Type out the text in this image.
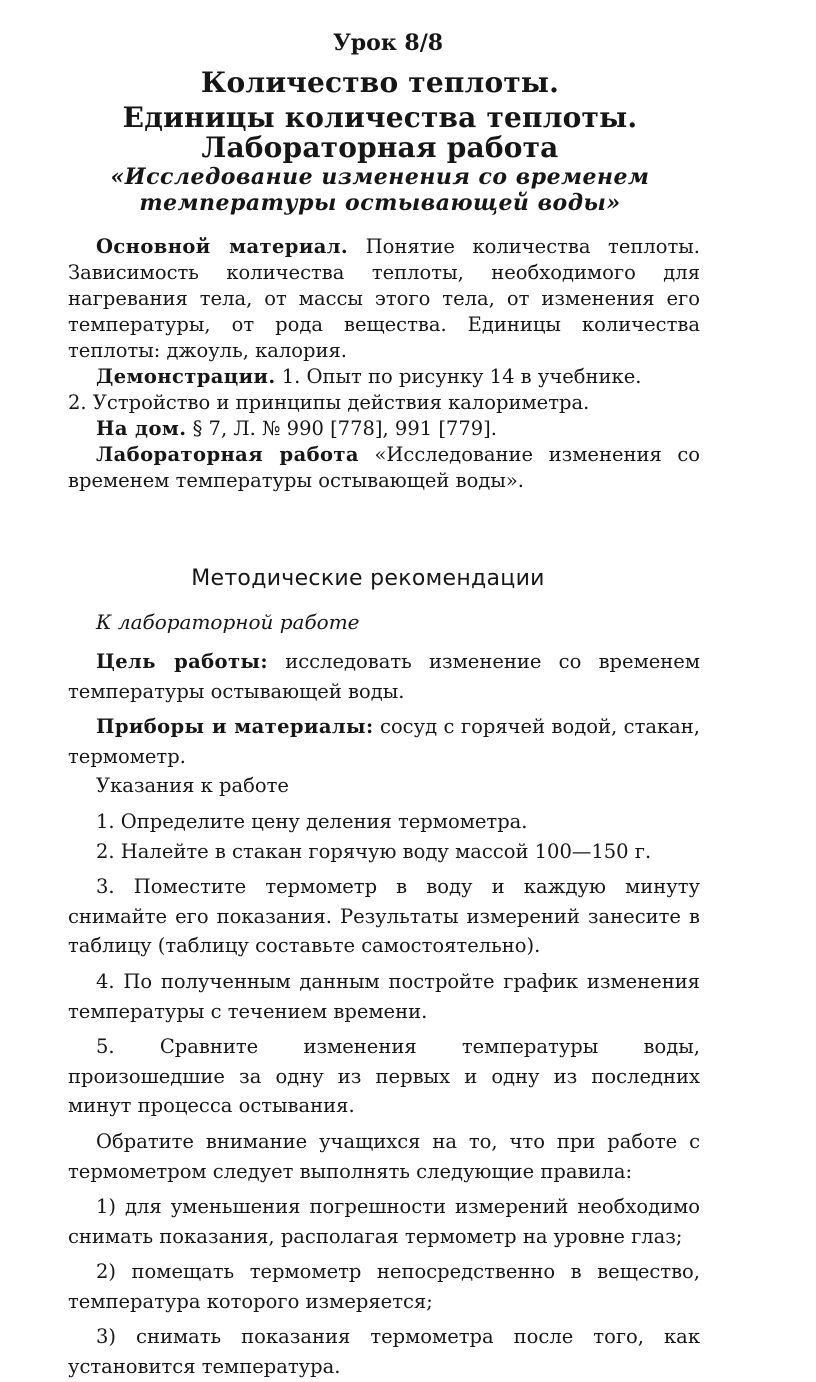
Урок 8/8
Количество теплоты.
Единицы количества теплоты.
Лабораторная работа
«Исследование изменения со временем
температуры остывающей воды»

Основной материал. Понятие количества теплоты. Зависимость количества теплоты, необходимого для нагревания тела, от массы этого тела, от изменения его температуры, от рода вещества. Единицы количества теплоты: джоуль, калория.

Демонстрации. 1. Опыт по рисунку 14 в учебнике.

2. Устройство и принципы действия калориметра.

На дом. § 7, Л. № 990 [778], 991 [779].

Лабораторная работа «Исследование изменения со временем температуры остывающей воды».

Методические рекомендации
К лабораторной работе

Цель работы: исследовать изменение со временем температуры остывающей воды.

Приборы и материалы: сосуд с горячей водой, стакан, термометр.

Указания к работе

1. Определите цену деления термометра.

2. Налейте в стакан горячую воду массой 100—150 г.

3. Поместите термометр в воду и каждую минуту снимайте его показания. Результаты измерений занесите в таблицу (таблицу составьте самостоятельно).

4. По полученным данным постройте график изменения температуры с течением времени.

5. Сравните изменения температуры воды, произошедшие за одну из первых и одну из последних минут процесса остывания.

Обратите внимание учащихся на то, что при работе с термометром следует выполнять следующие правила:

1) для уменьшения погрешности измерений необходимо снимать показания, располагая термометр на уровне глаз;

2) помещать термометр непосредственно в вещество, температура которого измеряется;

3) снимать показания термометра после того, как установится температура.
